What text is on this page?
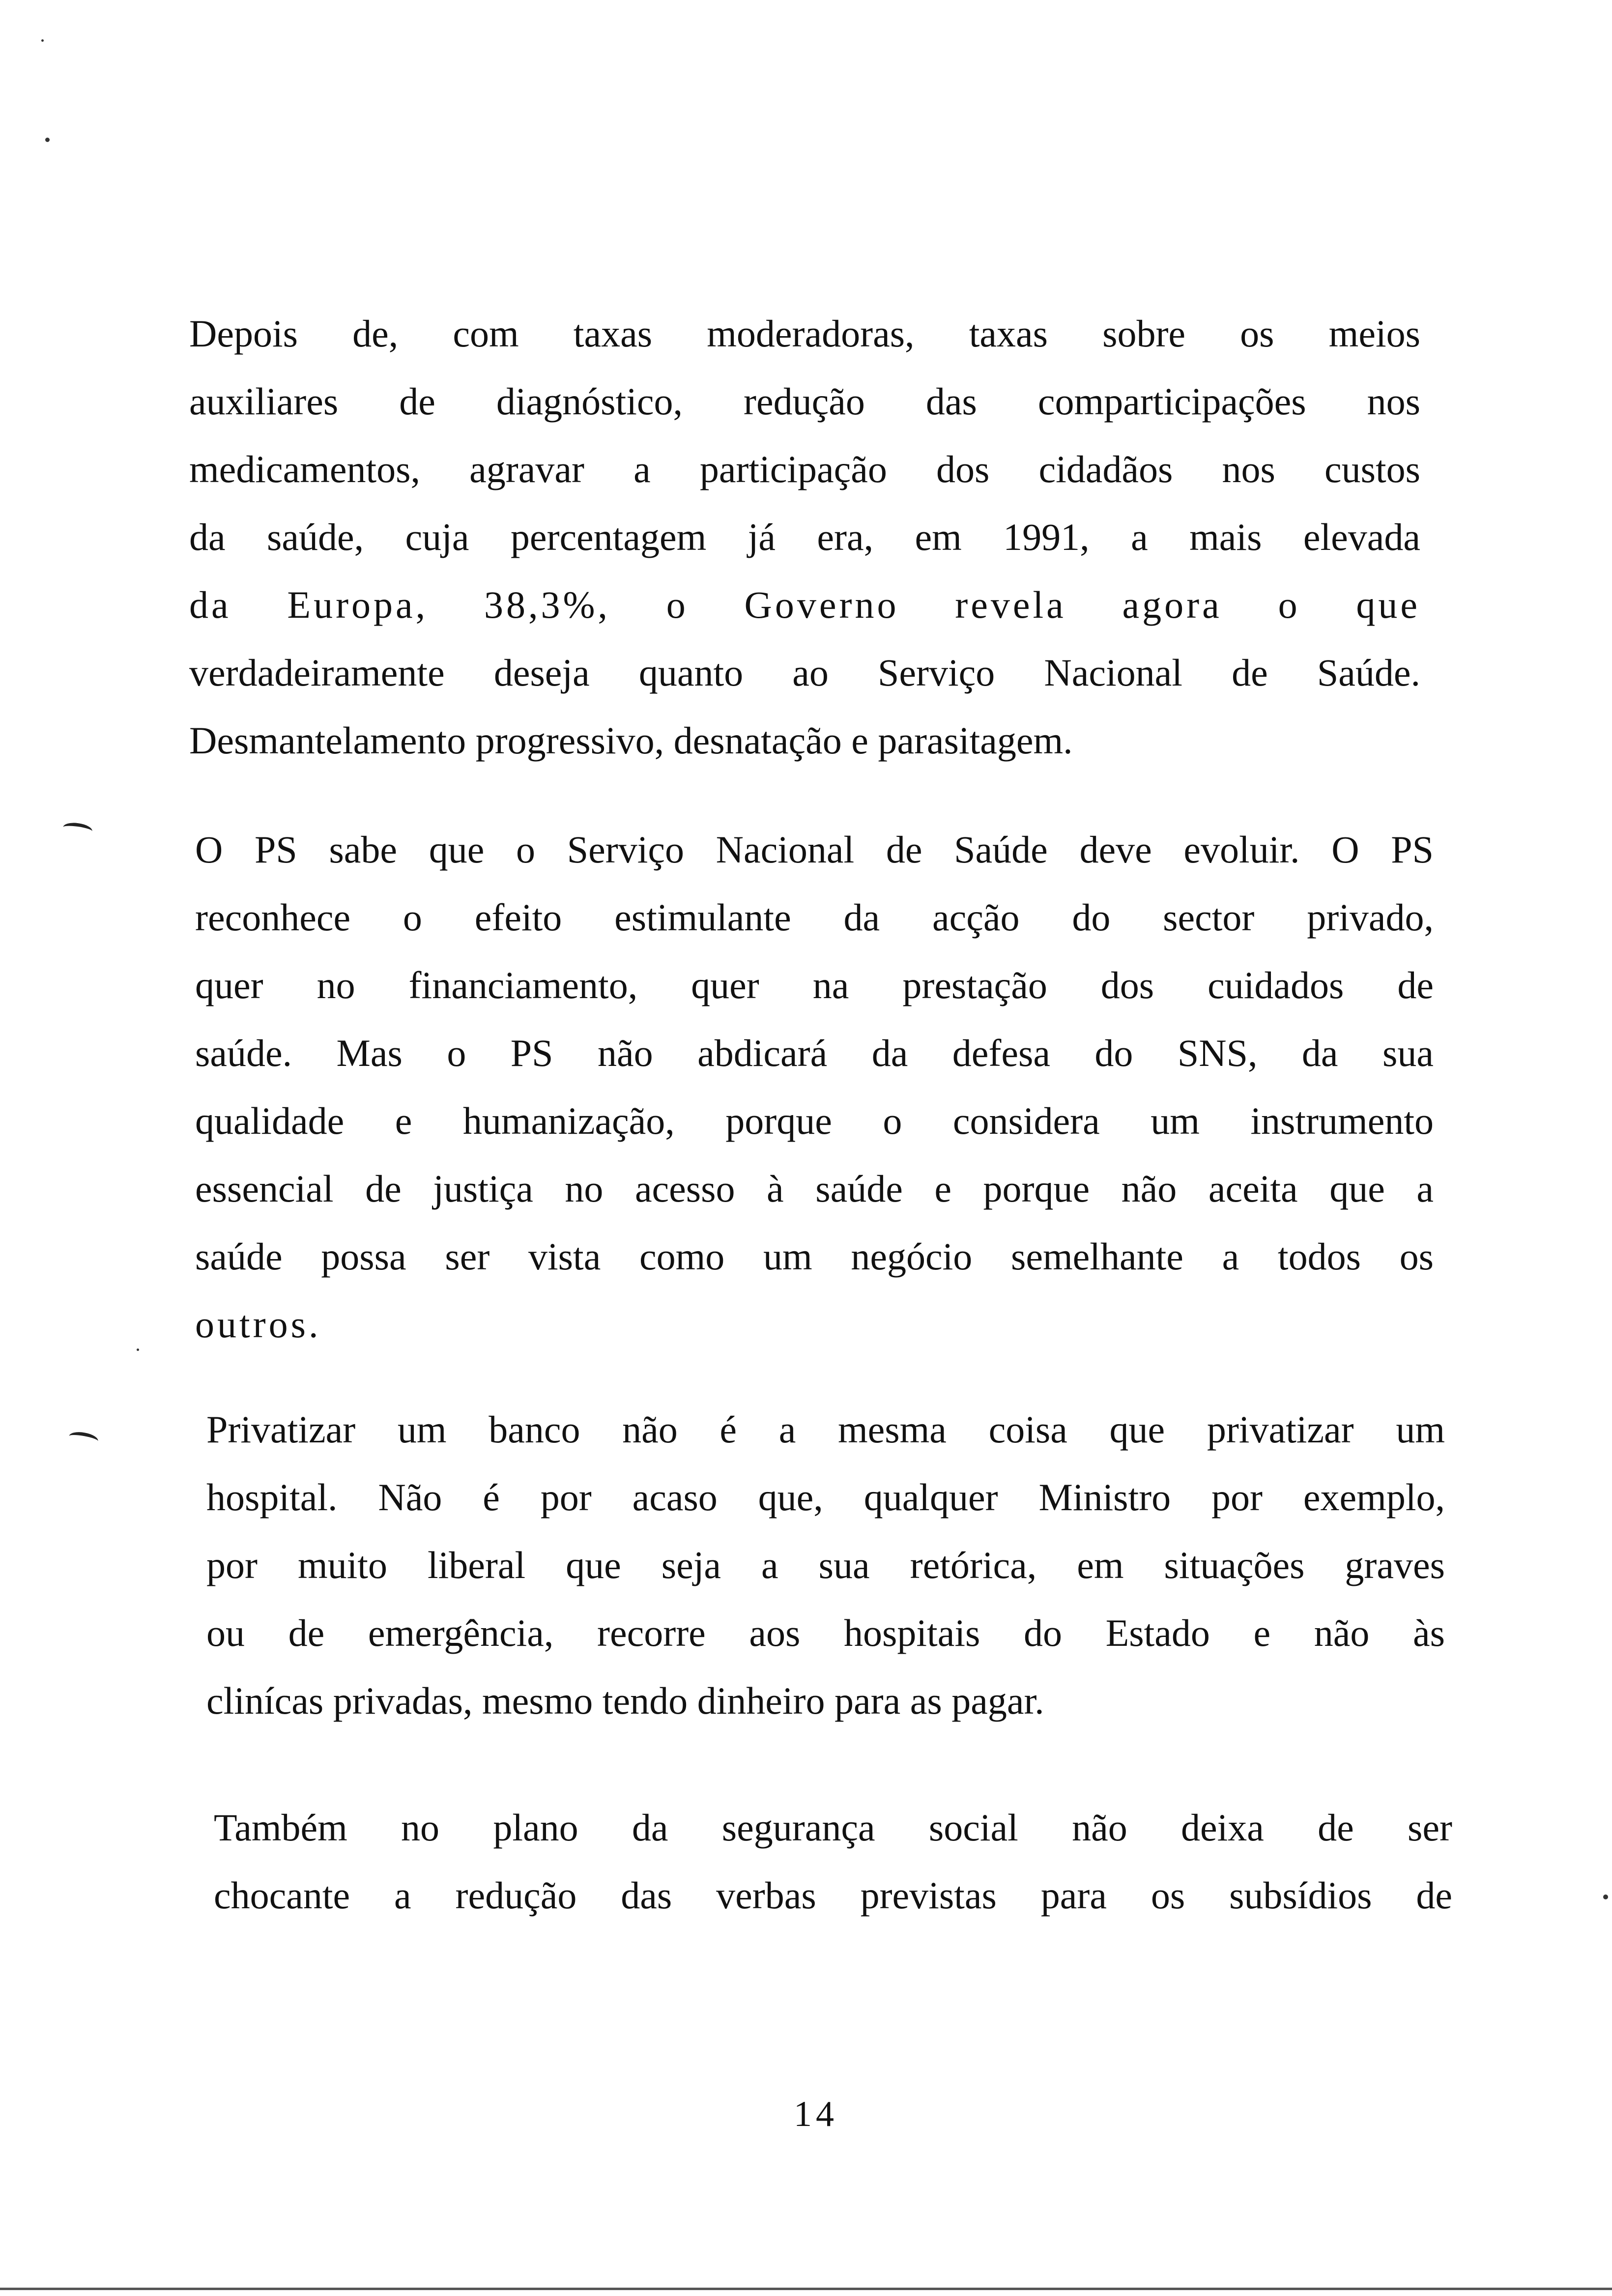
Depois de, com taxas moderadoras, taxas sobre os meios
auxiliares de diagnóstico, redução das comparticipações nos
medicamentos, agravar a participação dos cidadãos nos custos
da saúde, cuja percentagem já era, em 1991, a mais elevada
da Europa, 38,3%, o Governo revela agora o que
verdadeiramente deseja quanto ao Serviço Nacional de Saúde.
Desmantelamento progressivo, desnatação e parasitagem.
O PS sabe que o Serviço Nacional de Saúde deve evoluir. O PS
reconhece o efeito estimulante da acção do sector privado,
quer no financiamento, quer na prestação dos cuidados de
saúde. Mas o PS não abdicará da defesa do SNS, da sua
qualidade e humanização, porque o considera um instrumento
essencial de justiça no acesso à saúde e porque não aceita que a
saúde possa ser vista como um negócio semelhante a todos os
outros.
Privatizar um banco não é a mesma coisa que privatizar um
hospital. Não é por acaso que, qualquer Ministro por exemplo,
por muito liberal que seja a sua retórica, em situações graves
ou de emergência, recorre aos hospitais do Estado e não às
clinícas privadas, mesmo tendo dinheiro para as pagar.
Também no plano da segurança social não deixa de ser
chocante a redução das verbas previstas para os subsídios de
14
